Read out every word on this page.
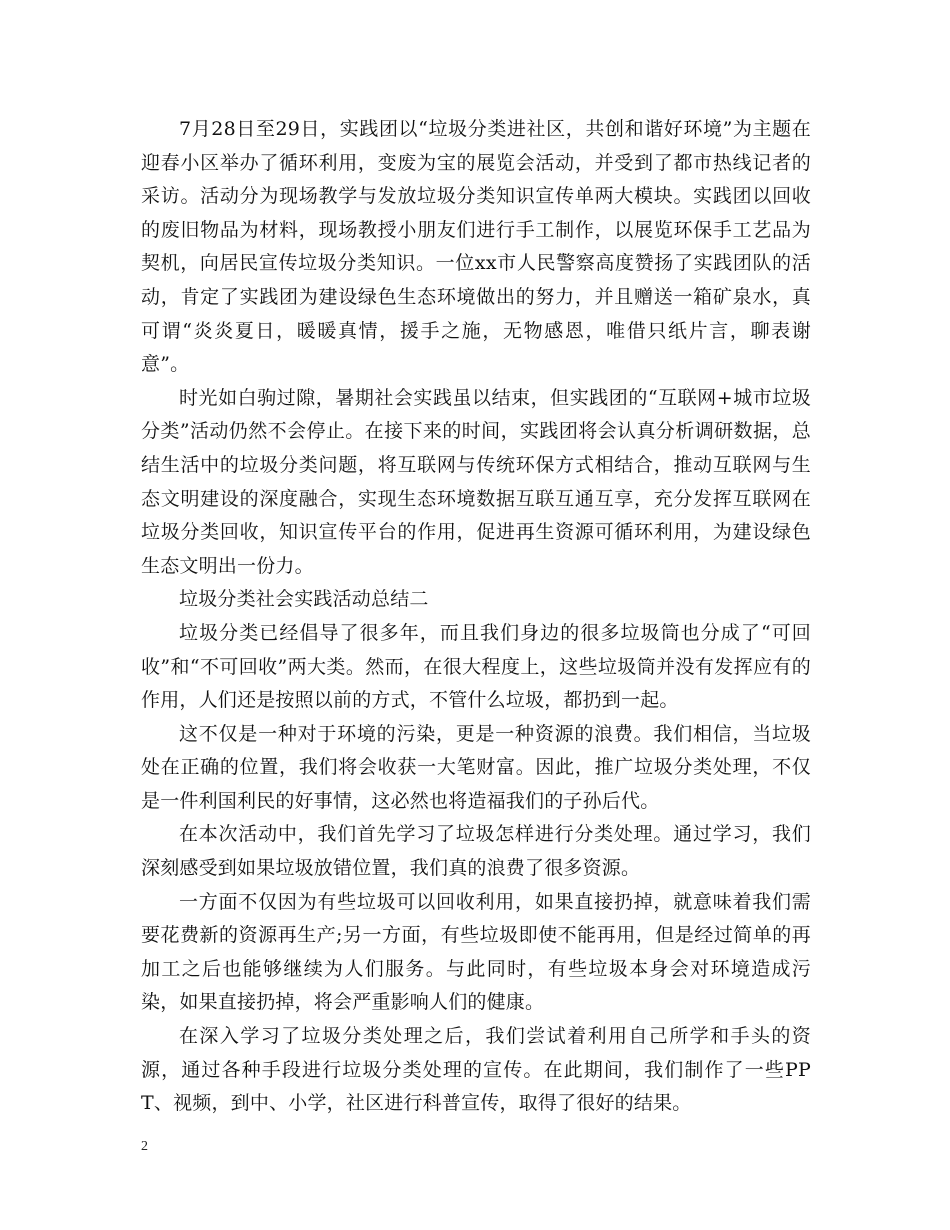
7月28日至29日，实践团以“垃圾分类进社区，共创和谐好环境”为主题在迎春小区举办了循环利用，变废为宝的展览会活动，并受到了都市热线记者的采访。活动分为现场教学与发放垃圾分类知识宣传单两大模块。实践团以回收的废旧物品为材料，现场教授小朋友们进行手工制作，以展览环保手工艺品为契机，向居民宣传垃圾分类知识。一位xx市人民警察高度赞扬了实践团队的活动，肯定了实践团为建设绿色生态环境做出的努力，并且赠送一箱矿泉水，真可谓“炎炎夏日，暖暖真情，援手之施，无物感恩，唯借只纸片言，聊表谢意”。

时光如白驹过隙，暑期社会实践虽以结束，但实践团的“互联网+城市垃圾分类”活动仍然不会停止。在接下来的时间，实践团将会认真分析调研数据，总结生活中的垃圾分类问题，将互联网与传统环保方式相结合，推动互联网与生态文明建设的深度融合，实现生态环境数据互联互通互享，充分发挥互联网在垃圾分类回收，知识宣传平台的作用，促进再生资源可循环利用，为建设绿色生态文明出一份力。

垃圾分类社会实践活动总结二

垃圾分类已经倡导了很多年，而且我们身边的很多垃圾筒也分成了“可回收”和“不可回收”两大类。然而，在很大程度上，这些垃圾筒并没有发挥应有的作用，人们还是按照以前的方式，不管什么垃圾，都扔到一起。

这不仅是一种对于环境的污染，更是一种资源的浪费。我们相信，当垃圾处在正确的位置，我们将会收获一大笔财富。因此，推广垃圾分类处理，不仅是一件利国利民的好事情，这必然也将造福我们的子孙后代。

在本次活动中，我们首先学习了垃圾怎样进行分类处理。通过学习，我们深刻感受到如果垃圾放错位置，我们真的浪费了很多资源。

一方面不仅因为有些垃圾可以回收利用，如果直接扔掉，就意味着我们需要花费新的资源再生产;另一方面，有些垃圾即使不能再用，但是经过简单的再加工之后也能够继续为人们服务。与此同时，有些垃圾本身会对环境造成污染，如果直接扔掉，将会严重影响人们的健康。

在深入学习了垃圾分类处理之后，我们尝试着利用自己所学和手头的资源，通过各种手段进行垃圾分类处理的宣传。在此期间，我们制作了一些PPT、视频，到中、小学，社区进行科普宣传，取得了很好的结果。

2
